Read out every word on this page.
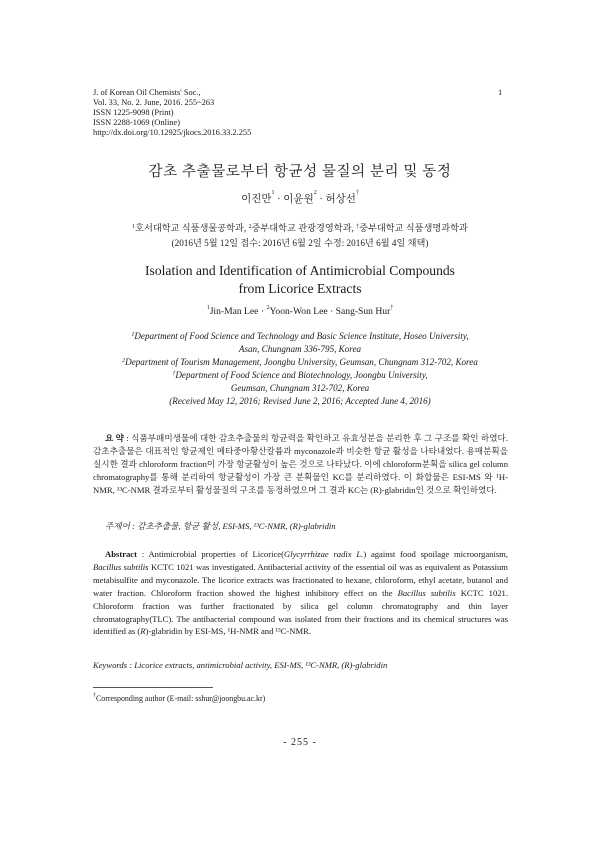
J. of Korean Oil Chemists' Soc.,
Vol. 33, No. 2. June, 2016. 255~263
ISSN 1225-9098 (Print)
ISSN 2288-1069 (Online)
http://dx.doi.org/10.12925/jkocs.2016.33.2.255
1
감초 추출물로부터 항균성 물질의 분리 및 동정
이진만$^1$ · 이윤원$^2$ · 허상선†
$^1$호서대학교 식품생물공학과, $^2$중부대학교 관광경영학과, †중부대학교 식품생명과학과
(2016년 5월 12일 접수: 2016년 6월 2일 수정: 2016년 6월 4일 채택)
Isolation and Identification of Antimicrobial Compounds
from Licorice Extracts
$^1$Jin-Man Lee · $^2$Yoon-Won Lee · Sang-Sun Hur†
$^1$Department of Food Science and Technology and Basic Science Institute, Hoseo University,
Asan, Chungnam 336-795, Korea
$^2$Department of Tourism Management, Joongbu University, Geumsan, Chungnam 312-702, Korea
†Department of Food Science and Biotechnology, Joongbu University,
Geumsan, Chungnam 312-702, Korea
(Received May 12, 2016; Revised June 2, 2016; Accepted June 4, 2016)
요 약 : 식품부패미생물에 대한 감초추출물의 항균력을 확인하고 유효성분을 분리한 후 그 구조를 확인 하였다. 감초추출물은 대표적인 항균제인 메타중아황산칼륨과 myconazole과 비슷한 항균 활성을 나타내었다. 용매분획을 실시한 결과 chloroform fraction이 가장 항균활성이 높은 것으로 나타났다. 이에 chloroform분획을 silica gel column chromatography를 통해 분리하여 항균활성이 가장 큰 분획물인 KC를 분리하였다. 이 화합물은 ESI-MS 와 ¹H-NMR, ¹³C-NMR 결과로부터 활성물질의 구조를 동정하였으며 그 결과 KC는 (R)-glabridin인 것으로 확인하였다.
주제어 : 감초추출물, 항균 활성, ESI-MS, ¹³C-NMR, (R)-glabridin
Abstract : Antimicrobial properties of Licorice(Glycyrrhizae radix L.) against food spoilage microorganism, Bacillus subtilis KCTC 1021 was investigated. Antibacterial activity of the essential oil was as equivalent as Potassium metabisulfite and myconazole. The licorice extracts was fractionated to hexane, chloroform, ethyl acetate, butanol and water fraction. Chloroform fraction showed the highest inhibitory effect on the Bacillus subtilis KCTC 1021. Chloroform fraction was further fractionated by silica gel column chromatography and thin layer chromatography(TLC). The antibacterial compound was isolated from their fractions and its chemical structures was identified as (R)-glabridin by ESI-MS, ¹H-NMR and ¹³C-NMR.
Keywords : Licorice extracts, antimicrobial activity, ESI-MS, ¹³C-NMR, (R)-glabridin
†Corresponding author (E-mail: sshur@joongbu.ac.kr)
- 255 -
